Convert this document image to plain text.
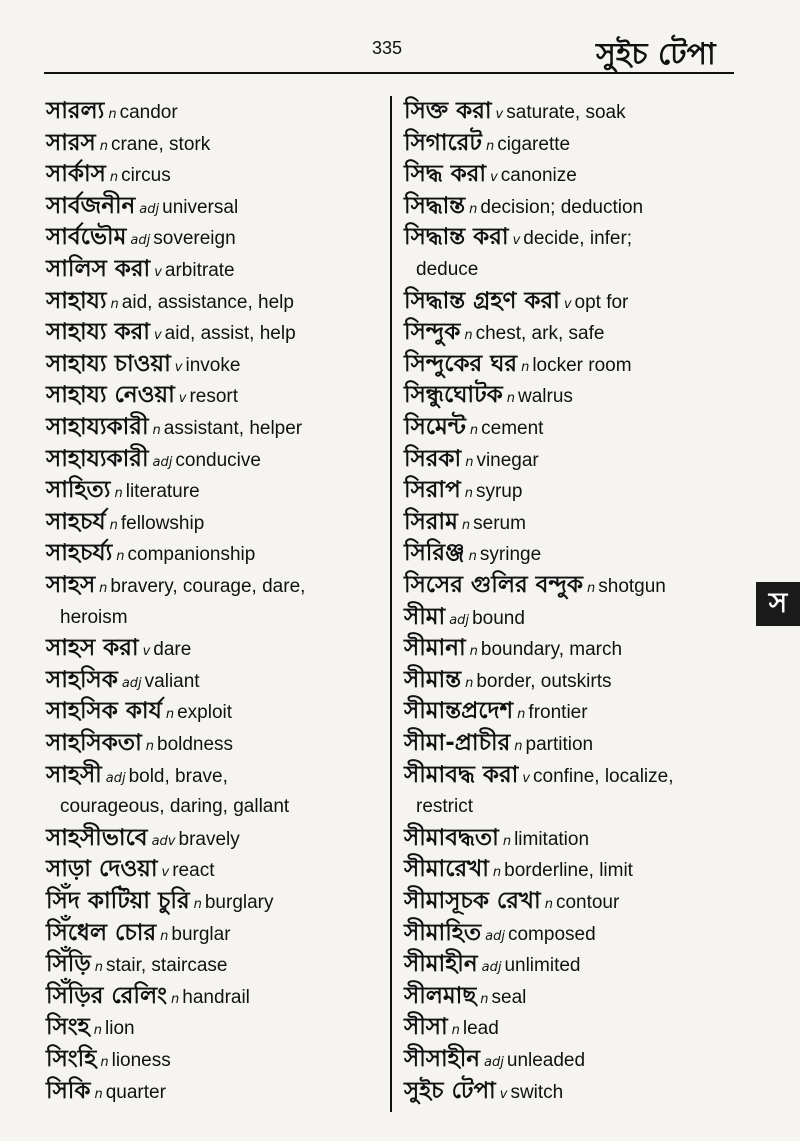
335	সুইচ টেপা
সারল্য n candor
সারস n crane, stork
সার্কাস n circus
সার্বজনীন adj universal
সার্বভৌম adj sovereign
সালিস করা v arbitrate
সাহায্য n aid, assistance, help
সাহায্য করা v aid, assist, help
সাহায্য চাওয়া v invoke
সাহায্য নেওয়া v resort
সাহায্যকারী n assistant, helper
সাহায্যকারী adj conducive
সাহিত্য n literature
সাহচর্য n fellowship
সাহচর্য্য n companionship
সাহস n bravery, courage, dare,
heroism
সাহস করা v dare
সাহসিক adj valiant
সাহসিক কার্য n exploit
সাহসিকতা n boldness
সাহসী adj bold, brave,
courageous, daring, gallant
সাহসীভাবে adv bravely
সাড়া দেওয়া v react
সিঁদ কাটিয়া চুরি n burglary
সিঁধেল চোর n burglar
সিঁড়ি n stair, staircase
সিঁড়ির রেলিং n handrail
সিংহ n lion
সিংহি n lioness
সিকি n quarter
সিক্ত করা v saturate, soak
সিগারেট n cigarette
সিদ্ধ করা v canonize
সিদ্ধান্ত n decision; deduction
সিদ্ধান্ত করা v decide, infer;
deduce
সিদ্ধান্ত গ্রহণ করা v opt for
সিন্দুক n chest, ark, safe
সিন্দুকের ঘর n locker room
সিন্ধুঘোটক n walrus
সিমেন্ট n cement
সিরকা n vinegar
সিরাপ n syrup
সিরাম n serum
সিরিঞ্জ n syringe
সিসের গুলির বন্দুক n shotgun
সীমা adj bound
সীমানা n boundary, march
সীমান্ত n border, outskirts
সীমান্তপ্রদেশ n frontier
সীমা-প্রাচীর n partition
সীমাবদ্ধ করা v confine, localize,
restrict
সীমাবদ্ধতা n limitation
সীমারেখা n borderline, limit
সীমাসূচক রেখা n contour
সীমাহিত adj composed
সীমাহীন adj unlimited
সীলমাছ n seal
সীসা n lead
সীসাহীন adj unleaded
সুইচ টেপা v switch
স
